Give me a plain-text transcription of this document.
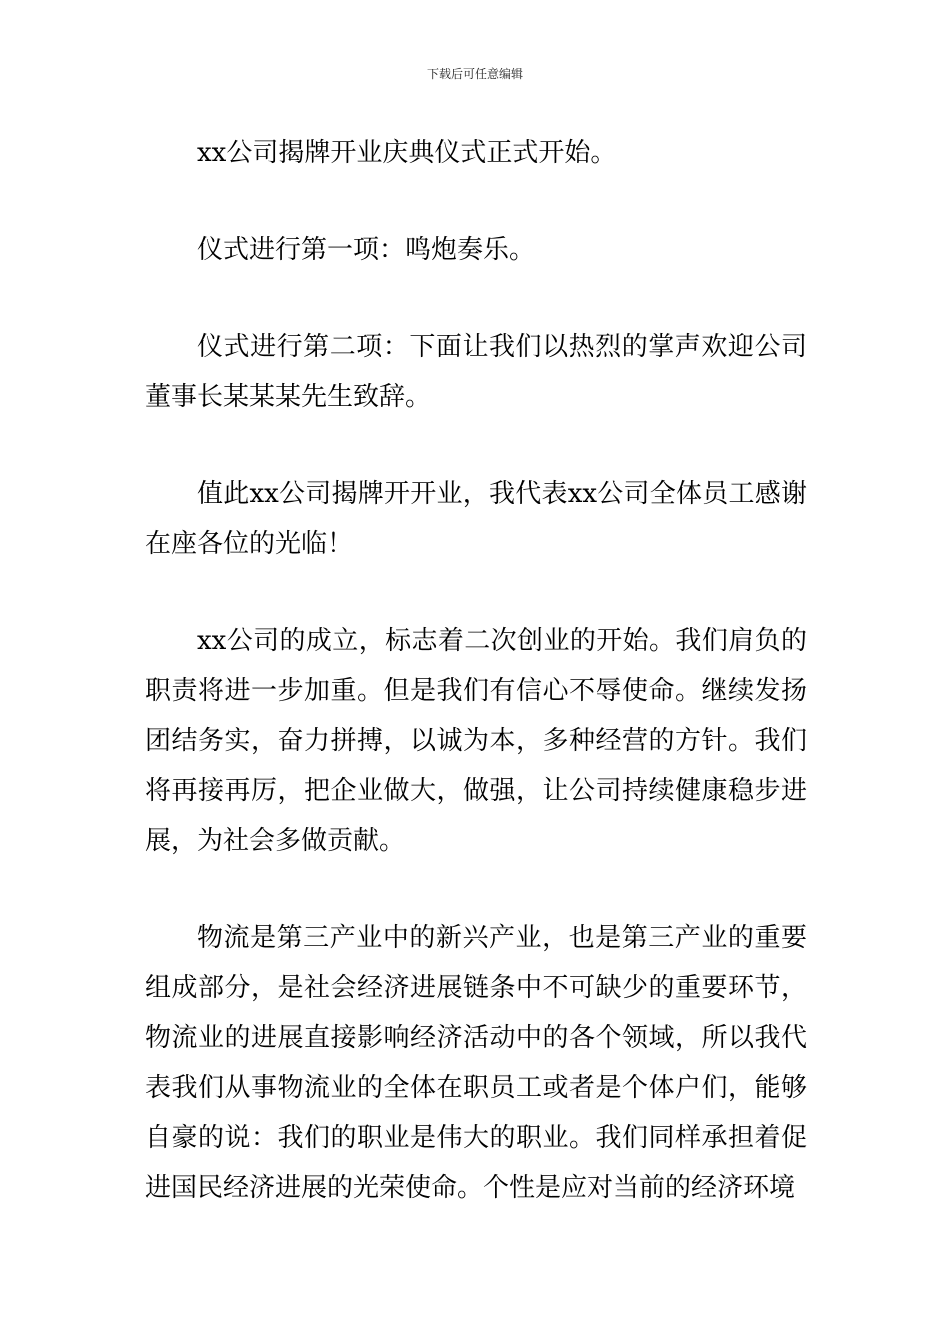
下载后可任意编辑

xx公司揭牌开业庆典仪式正式开始。

仪式进行第一项：鸣炮奏乐。

仪式进行第二项：下面让我们以热烈的掌声欢迎公司董事长某某某先生致辞。

值此xx公司揭牌开开业，我代表xx公司全体员工感谢在座各位的光临！

xx公司的成立，标志着二次创业的开始。我们肩负的职责将进一步加重。但是我们有信心不辱使命。继续发扬团结务实，奋力拼搏，以诚为本，多种经营的方针。我们将再接再厉，把企业做大，做强，让公司持续健康稳步进展，为社会多做贡献。

物流是第三产业中的新兴产业，也是第三产业的重要组成部分，是社会经济进展链条中不可缺少的重要环节，物流业的进展直接影响经济活动中的各个领域，所以我代表我们从事物流业的全体在职员工或者是个体户们，能够自豪的说：我们的职业是伟大的职业。我们同样承担着促进国民经济进展的光荣使命。个性是应对当前的经济环境
